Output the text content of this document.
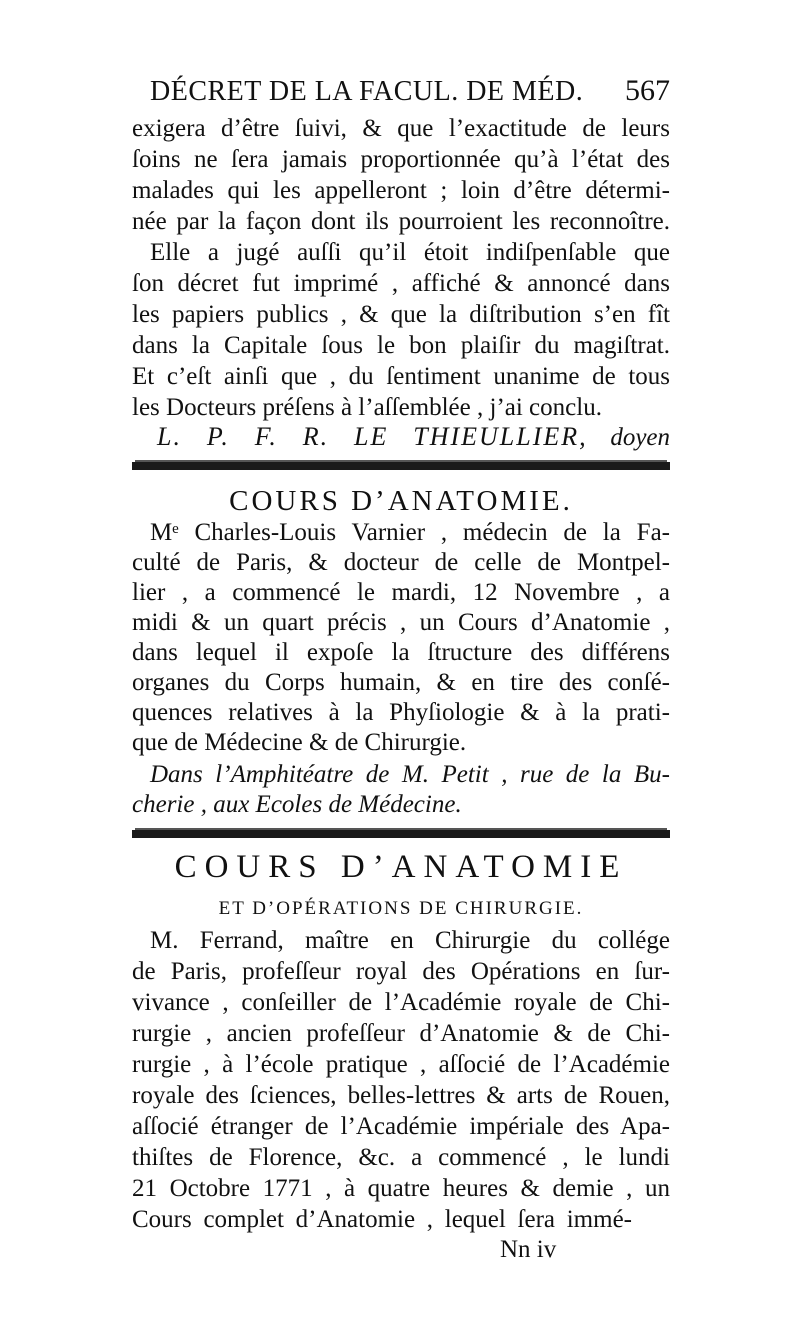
DÉCRET DE LA FACUL. DE MÉD. 567
exigera d’être ſuivi, & que l’exactitude de leurs
ſoins ne ſera jamais proportionnée qu’à l’état des
malades qui les appelleront ; loin d’être détermi-
née par la façon dont ils pourroient les reconnoître.
Elle a jugé auſſi qu’il étoit indiſpenſable que
ſon décret fut imprimé , affiché & annoncé dans
les papiers publics , & que la diſtribution s’en fît
dans la Capitale ſous le bon plaiſir du magiſtrat.
Et c’eſt ainſi que , du ſentiment unanime de tous
les Docteurs préſens à l’aſſemblée , j’ai conclu.
L. P. F. R. LE THIEULLIER, doyen
COURS D’ANATOMIE.
Mᵉ Charles-Louis Varnier , médecin de la Fa-
culté de Paris, & docteur de celle de Montpel-
lier , a commencé le mardi, 12 Novembre , a
midi & un quart précis , un Cours d’Anatomie ,
dans lequel il expoſe la ſtructure des différens
organes du Corps humain, & en tire des conſé-
quences relatives à la Phyſiologie & à la prati-
que de Médecine & de Chirurgie.
Dans l’Amphitéatre de M. Petit , rue de la Bu-
cherie , aux Ecoles de Médecine.
COURS D’ANATOMIE
ET D’OPÉRATIONS DE CHIRURGIE.
M. Ferrand, maître en Chirurgie du collége
de Paris, profeſſeur royal des Opérations en ſur-
vivance , conſeiller de l’Académie royale de Chi-
rurgie , ancien profeſſeur d’Anatomie & de Chi-
rurgie , à l’école pratique , aſſocié de l’Académie
royale des ſciences, belles-lettres & arts de Rouen,
aſſocié étranger de l’Académie impériale des Apa-
thiſtes de Florence, &c. a commencé , le lundi
21 Octobre 1771 , à quatre heures & demie , un
Cours complet d’Anatomie , lequel ſera immé-
Nn iv
